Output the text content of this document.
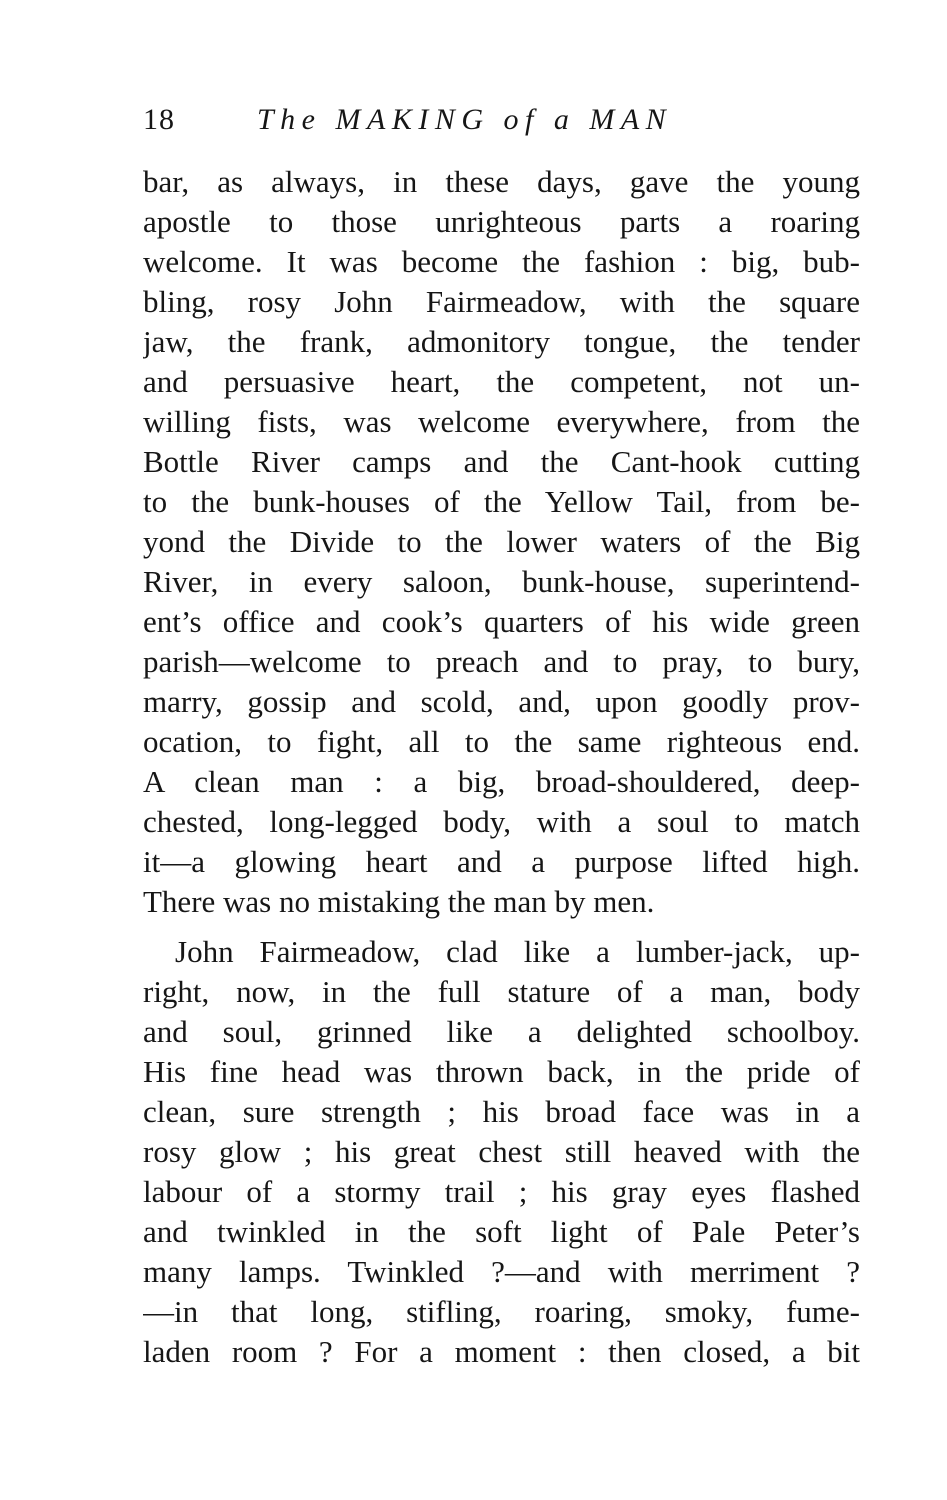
18	The MAKING of a MAN
bar, as always, in these days, gave the young
apostle to those unrighteous parts a roaring
welcome. It was become the fashion : big, bub-
bling, rosy John Fairmeadow, with the square
jaw, the frank, admonitory tongue, the tender
and persuasive heart, the competent, not un-
willing fists, was welcome everywhere, from the
Bottle River camps and the Cant-hook cutting
to the bunk-houses of the Yellow Tail, from be-
yond the Divide to the lower waters of the Big
River, in every saloon, bunk-house, superintend-
ent’s office and cook’s quarters of his wide green
parish—welcome to preach and to pray, to bury,
marry, gossip and scold, and, upon goodly prov-
ocation, to fight, all to the same righteous end.
A clean man : a big, broad-shouldered, deep-
chested, long-legged body, with a soul to match
it—a glowing heart and a purpose lifted high.
There was no mistaking the man by men.
John Fairmeadow, clad like a lumber-jack, up-
right, now, in the full stature of a man, body
and soul, grinned like a delighted schoolboy.
His fine head was thrown back, in the pride of
clean, sure strength ; his broad face was in a
rosy glow ; his great chest still heaved with the
labour of a stormy trail ; his gray eyes flashed
and twinkled in the soft light of Pale Peter’s
many lamps. Twinkled ?—and with merriment ?
—in that long, stifling, roaring, smoky, fume-
laden room ? For a moment : then closed, a bit
